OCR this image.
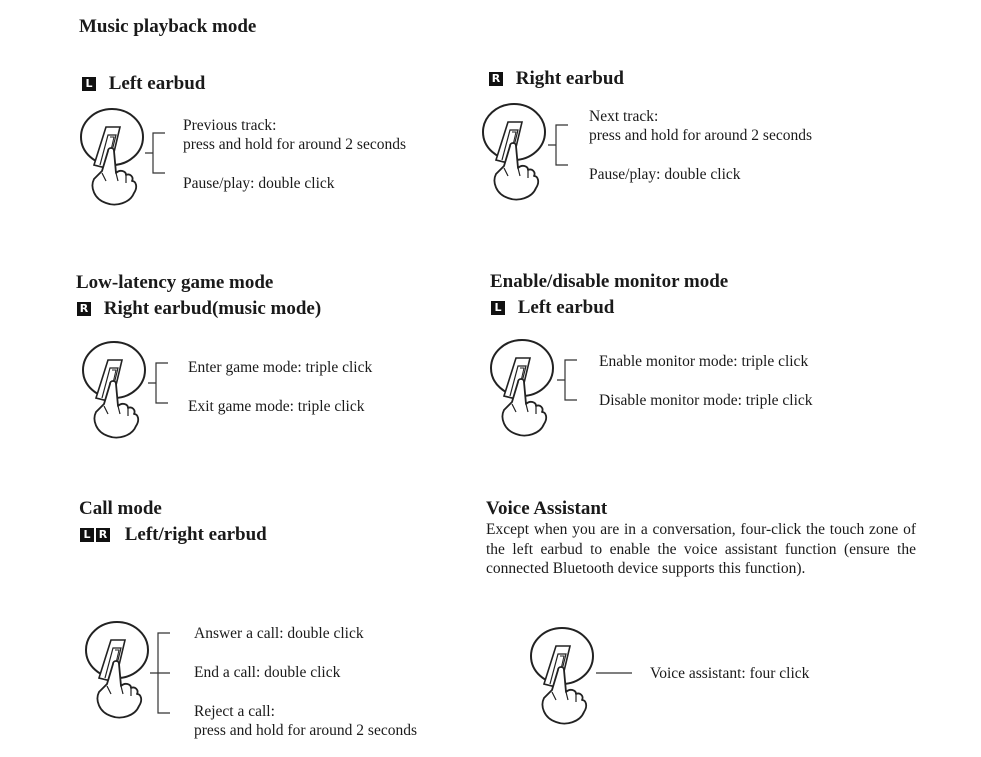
Music playback mode
L Left earbud
Previous track:
press and hold for around 2 seconds
Pause/play: double click
R Right earbud
Next track:
press and hold for around 2 seconds
Pause/play: double click
Low-latency game mode
R Right earbud(music mode)
Enter game mode: triple click
Exit game mode: triple click
Enable/disable monitor mode
L Left earbud
Enable monitor mode: triple click
Disable monitor mode: triple click
Call mode
L R Left/right earbud
Answer a call: double click
End a call: double click
Reject a call:
press and hold for around 2 seconds
Voice Assistant
Except when you are in a conversation, four-click the touch zone of the left earbud to enable the voice assistant function (ensure the connected Bluetooth device supports this function).
Voice assistant: four click
